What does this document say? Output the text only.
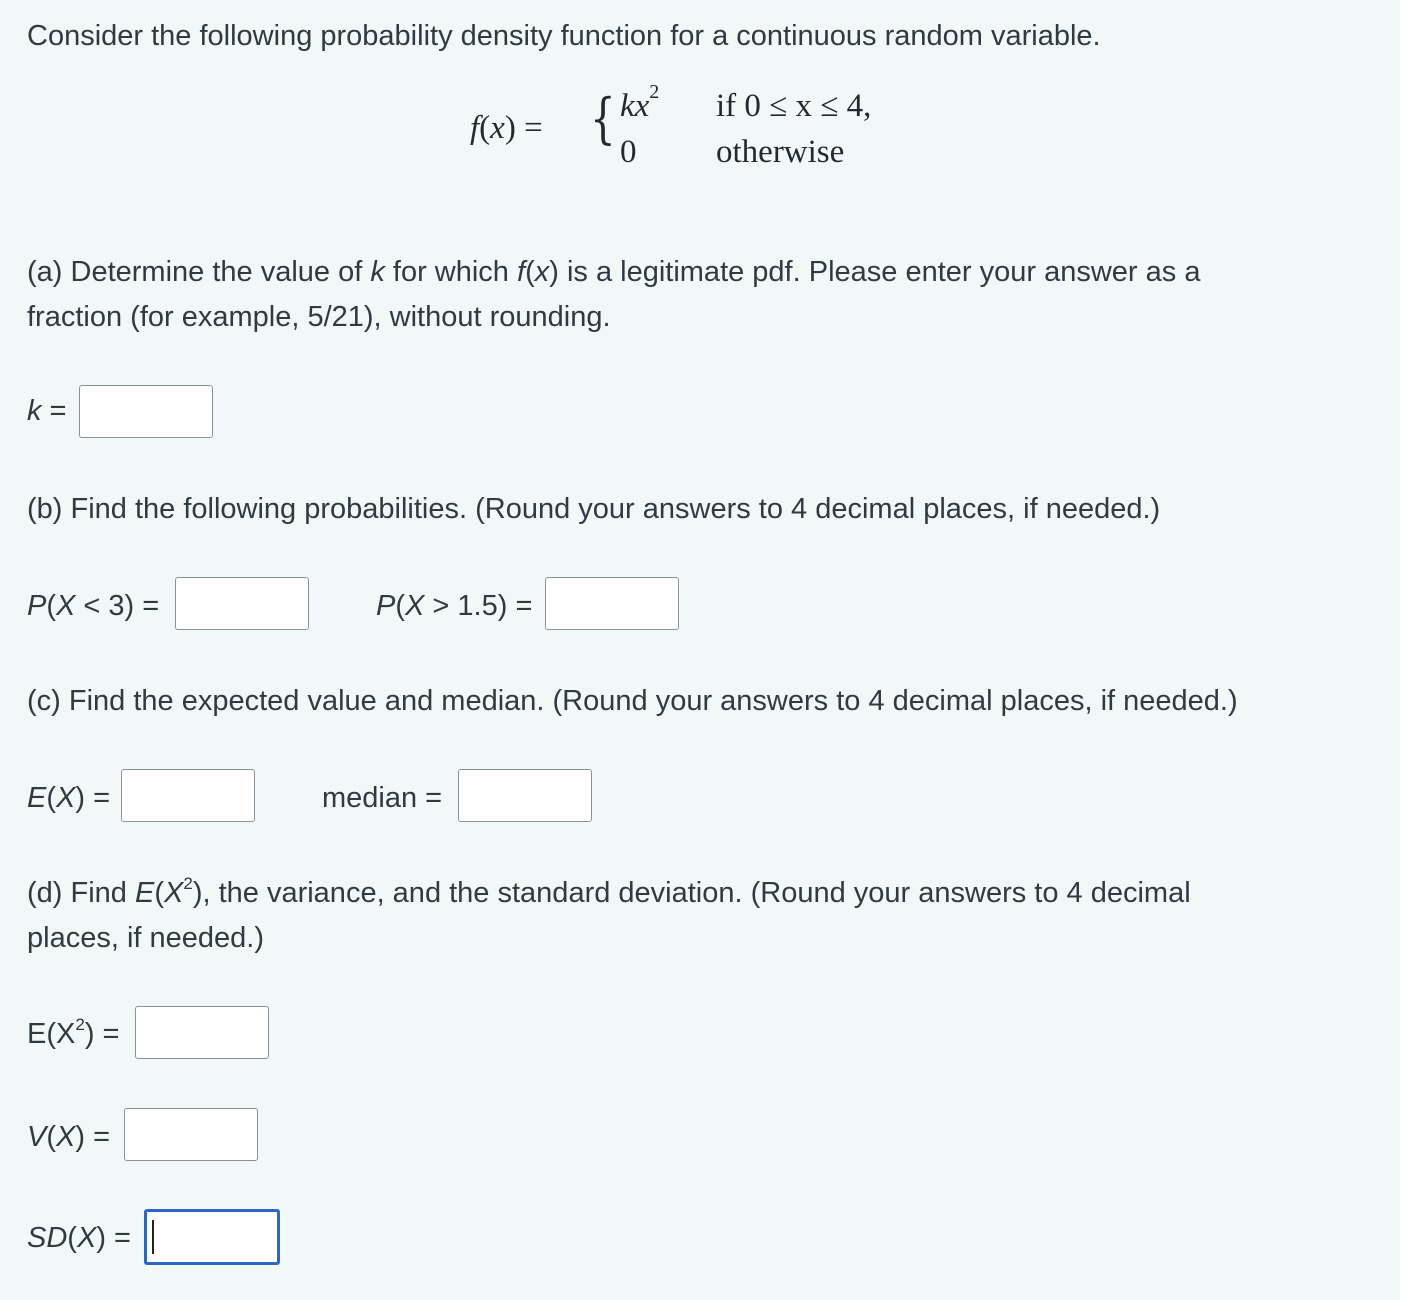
Consider the following probability density function for a continuous random variable.

f(x) = { $kx^2$ if 0 ≤ x ≤ 4,
0 otherwise

(a) Determine the value of k for which f(x) is a legitimate pdf. Please enter your answer as a

fraction (for example, 5/21), without rounding.

k =

(b) Find the following probabilities. (Round your answers to 4 decimal places, if needed.)

P(X < 3) =	P(X > 1.5) =

(c) Find the expected value and median. (Round your answers to 4 decimal places, if needed.)

E(X) =	median =

(d) Find $E(X^2)$, the variance, and the standard deviation. (Round your answers to 4 decimal

places, if needed.)

$E(X^2)$ =
V(X) =
SD(X) =
